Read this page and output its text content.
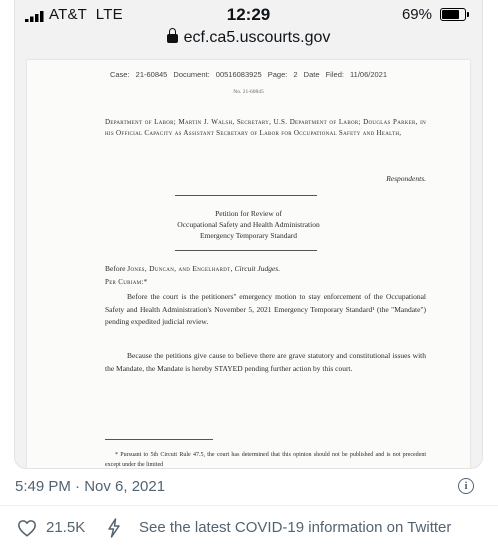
AT&T LTE	12:29	69%
ecf.ca5.uscourts.gov
Case: 21-60845 Document: 00516083925 Page: 2 Date Filed: 11/06/2021
No. 21-60845
Department of Labor; Martin J. Walsh, Secretary, U.S. Department of Labor; Douglas Parker, in his Official Capacity as Assistant Secretary of Labor for Occupational Safety and Health,
Respondents.
Petition for Review of
Occupational Safety and Health Administration
Emergency Temporary Standard
Before Jones, Duncan, and Engelhardt, Circuit Judges.
Per Curiam:*
Before the court is the petitioners'' emergency motion to stay enforcement of the Occupational Safety and Health Administration's November 5, 2021 Emergency Temporary Standard¹ (the "Mandate") pending expedited judicial review.
Because the petitions give cause to believe there are grave statutory and constitutional issues with the Mandate, the Mandate is hereby STAYED pending further action by this court.
* Pursuant to 5th Circuit Rule 47.5, the court has determined that this opinion should not be published and is not precedent except under the limited
5:49 PM · Nov 6, 2021	i
21.5K	See the latest COVID-19 information on Twitter
